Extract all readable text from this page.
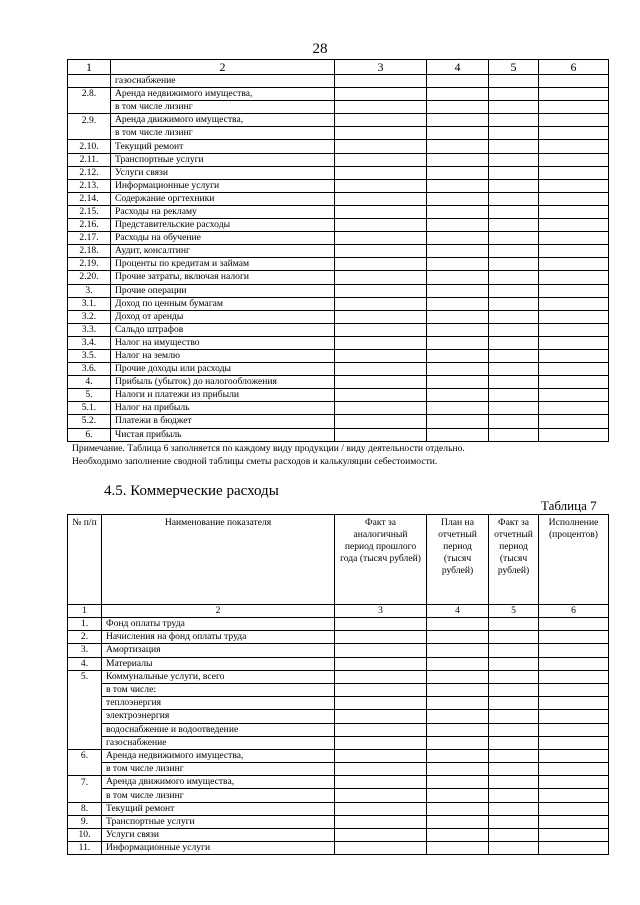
28
1	2	3	4	5	6
	газоснабжение				
2.8.	Аренда недвижимого имущества,				
	в том числе лизинг				
2.9.	Аренда движимого имущества,				
	в том числе лизинг				
2.10.	Текущий ремонт				
2.11.	Транспортные услуги				
2.12.	Услуги связи				
2.13.	Информационные услуги				
2.14.	Содержание оргтехники				
2.15.	Расходы на рекламу				
2.16.	Представительские расходы				
2.17.	Расходы на обучение				
2.18.	Аудит, консалтинг				
2.19.	Проценты по кредитам и займам				
2.20.	Прочие затраты, включая налоги				
3.	Прочие операции				
3.1.	Доход по ценным бумагам				
3.2.	Доход от аренды				
3.3.	Сальдо штрафов				
3.4.	Налог на имущество				
3.5.	Налог на землю				
3.6.	Прочие доходы или расходы				
4.	Прибыль (убыток) до налогообложения				
5.	Налоги и платежи из прибыли				
5.1.	Налог на прибыль				
5.2.	Платежи в бюджет				
6.	Чистая прибыль				
Примечание. Таблица 6 заполняется по каждому виду продукции / виду деятельности отдельно.
Необходимо заполнение сводной таблицы сметы расходов и калькуляции себестоимости.
4.5. Коммерческие расходы
Таблица 7
№ п/п	Наименование показателя	Факт за аналогичный период прошлого года (тысяч рублей)	План на отчетный период (тысяч рублей)	Факт за отчетный период (тысяч рублей)	Исполнение (процентов)
1	2	3	4	5	6
1.	Фонд оплаты труда				
2.	Начисления на фонд оплаты труда				
3.	Амортизация				
4.	Материалы				
5.	Коммунальные услуги, всего				
	в том числе:				
	теплоэнергия				
	электроэнергия				
	водоснабжение и водоотведение				
	газоснабжение				
6.	Аренда недвижимого имущества,				
	в том числе лизинг				
7.	Аренда движимого имущества,				
	в том числе лизинг				
8.	Текущий ремонт				
9.	Транспортные услуги				
10.	Услуги связи				
11.	Информационные услуги				
